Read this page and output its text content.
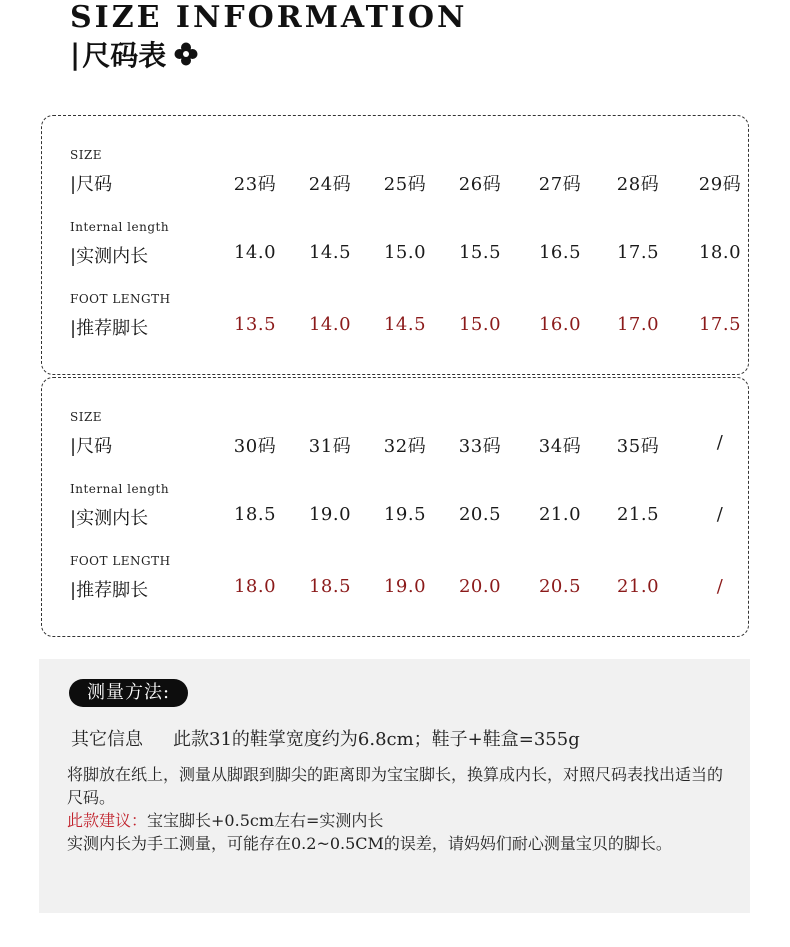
SIZE INFORMATION
| 尺码表
SIZE
|尺码	23码	24码	25码	26码	27码	28码	29码
Internal length
|实测内长	14.0	14.5	15.0	15.5	16.5	17.5	18.0
FOOT LENGTH
|推荐脚长	13.5	14.0	14.5	15.0	16.0	17.0	17.5
SIZE
|尺码	30码	31码	32码	33码	34码	35码	/
Internal length
|实测内长	18.5	19.0	19.5	20.5	21.0	21.5	/
FOOT LENGTH
|推荐脚长	18.0	18.5	19.0	20.0	20.5	21.0	/
测量方法:
其它信息 此款31的鞋掌宽度约为6.8cm；鞋子+鞋盒=355g

将脚放在纸上，测量从脚跟到脚尖的距离即为宝宝脚长，换算成内长，对照尺码表找出适当的尺码。

此款建议：宝宝脚长+0.5cm左右=实测内长

实测内长为手工测量，可能存在0.2~0.5CM的误差，请妈妈们耐心测量宝贝的脚长。
